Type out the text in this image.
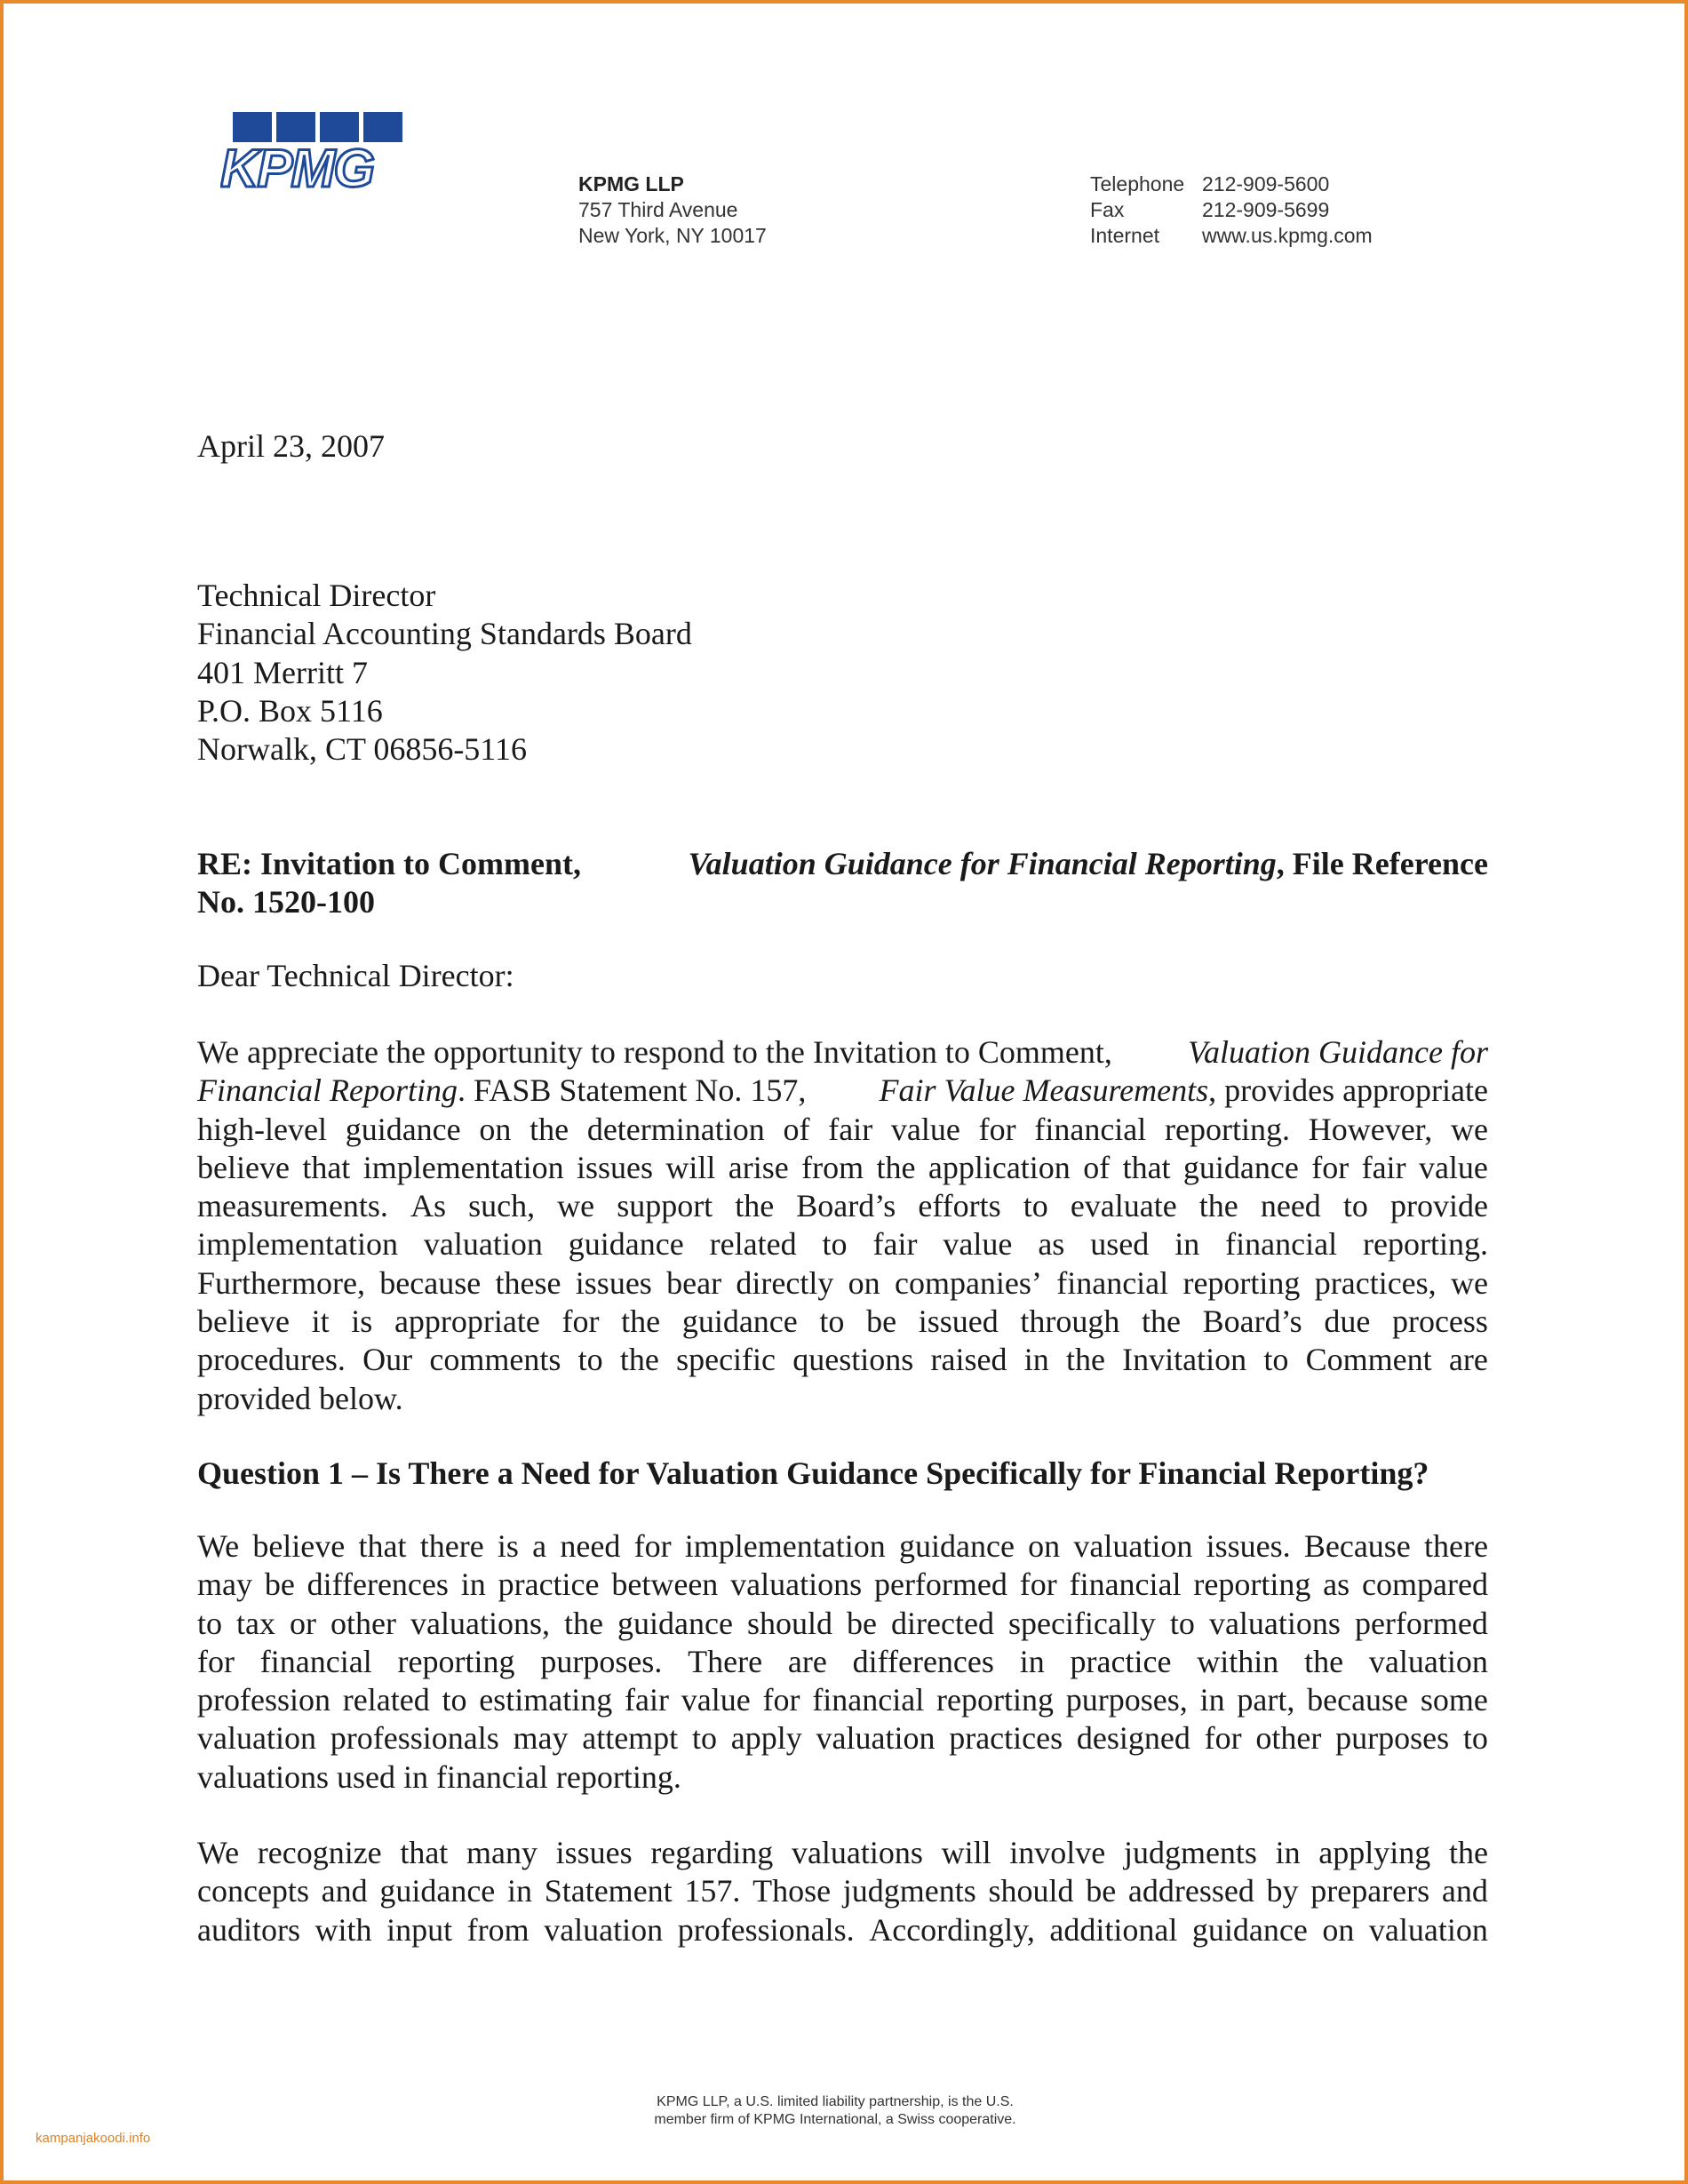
KPMG	KPMG LLP
757 Third Avenue
New York, NY 10017
Telephone 212-909-5600
Fax	212-909-5699
Internet	www.us.kpmg.com
April 23, 2007
Technical Director
Financial Accounting Standards Board
401 Merritt 7
P.O. Box 5116
Norwalk, CT 06856-5116
RE: Invitation to Comment,	Valuation Guidance for Financial Reporting, File Reference
No. 1520-100
Dear Technical Director:
We appreciate the opportunity to respond to the Invitation to Comment, Valuation Guidance for
Financial Reporting. FASB Statement No. 157, Fair Value Measurements, provides appropriate
high-level guidance on the determination of fair value for financial reporting. However, we
believe that implementation issues will arise from the application of that guidance for fair value
measurements. As such, we support the Board’s efforts to evaluate the need to provide
implementation valuation guidance related to fair value as used in financial reporting.
Furthermore, because these issues bear directly on companies’ financial reporting practices, we
believe it is appropriate for the guidance to be issued through the Board’s due process
procedures. Our comments to the specific questions raised in the Invitation to Comment are
provided below.
Question 1 – Is There a Need for Valuation Guidance Specifically for Financial Reporting?
We believe that there is a need for implementation guidance on valuation issues. Because there
may be differences in practice between valuations performed for financial reporting as compared
to tax or other valuations, the guidance should be directed specifically to valuations performed
for financial reporting purposes. There are differences in practice within the valuation
profession related to estimating fair value for financial reporting purposes, in part, because some
valuation professionals may attempt to apply valuation practices designed for other purposes to
valuations used in financial reporting.
We recognize that many issues regarding valuations will involve judgments in applying the
concepts and guidance in Statement 157. Those judgments should be addressed by preparers and
auditors with input from valuation professionals. Accordingly, additional guidance on valuation
KPMG LLP, a U.S. limited liability partnership, is the U.S.
member firm of KPMG International, a Swiss cooperative.
kampanjakoodi.info
